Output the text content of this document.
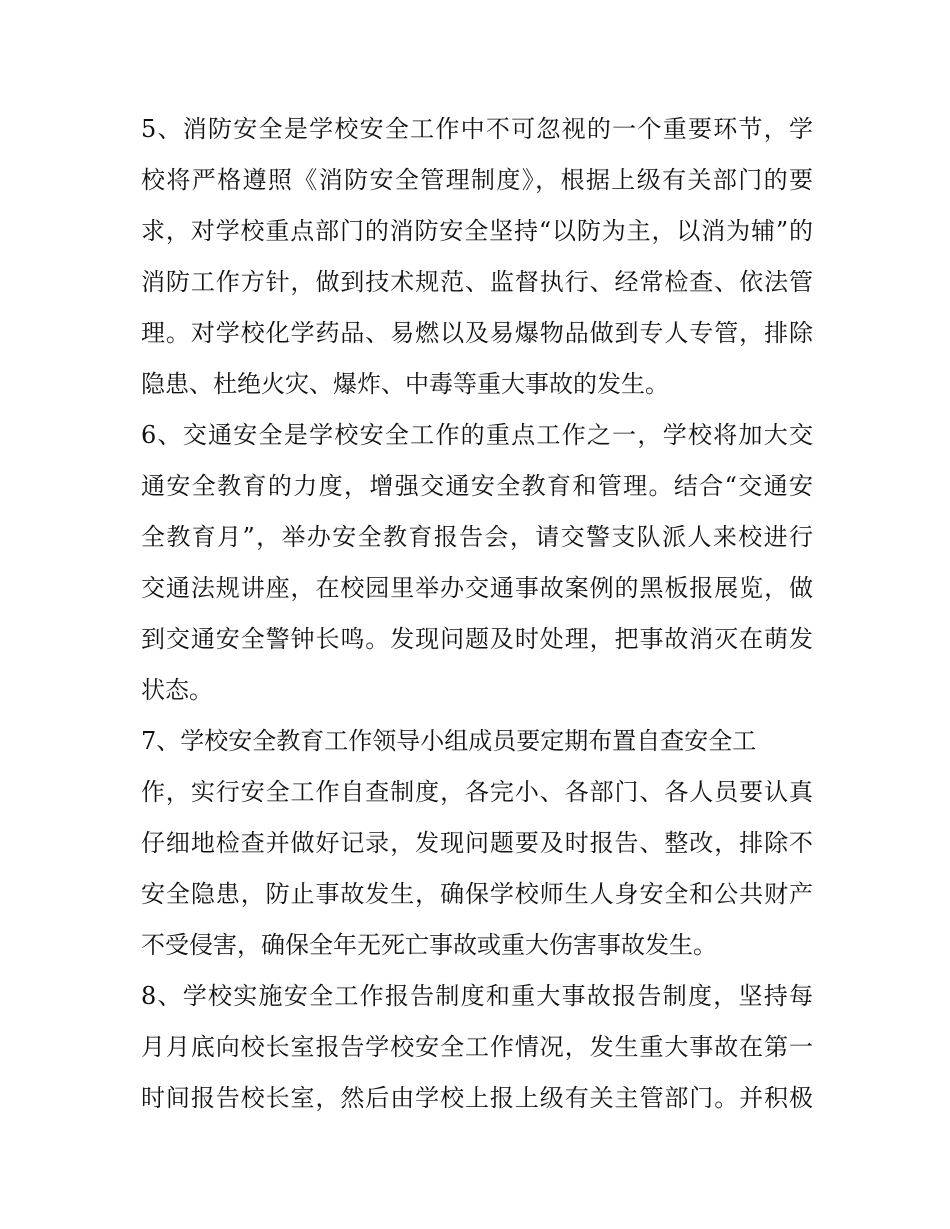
5、消防安全是学校安全工作中不可忽视的一个重要环节，学
校将严格遵照《消防安全管理制度》，根据上级有关部门的要
求，对学校重点部门的消防安全坚持“以防为主，以消为辅”的
消防工作方针，做到技术规范、监督执行、经常检查、依法管
理。对学校化学药品、易燃以及易爆物品做到专人专管，排除
隐患、杜绝火灾、爆炸、中毒等重大事故的发生。
6、交通安全是学校安全工作的重点工作之一，学校将加大交
通安全教育的力度，增强交通安全教育和管理。结合“交通安
全教育月”，举办安全教育报告会，请交警支队派人来校进行
交通法规讲座，在校园里举办交通事故案例的黑板报展览，做
到交通安全警钟长鸣。发现问题及时处理，把事故消灭在萌发
状态。
7、学校安全教育工作领导小组成员要定期布置自查安全工
作，实行安全工作自查制度，各完小、各部门、各人员要认真
仔细地检查并做好记录，发现问题要及时报告、整改，排除不
安全隐患，防止事故发生，确保学校师生人身安全和公共财产
不受侵害，确保全年无死亡事故或重大伤害事故发生。
8、学校实施安全工作报告制度和重大事故报告制度，坚持每
月月底向校长室报告学校安全工作情况，发生重大事故在第一
时间报告校长室，然后由学校上报上级有关主管部门。并积极
